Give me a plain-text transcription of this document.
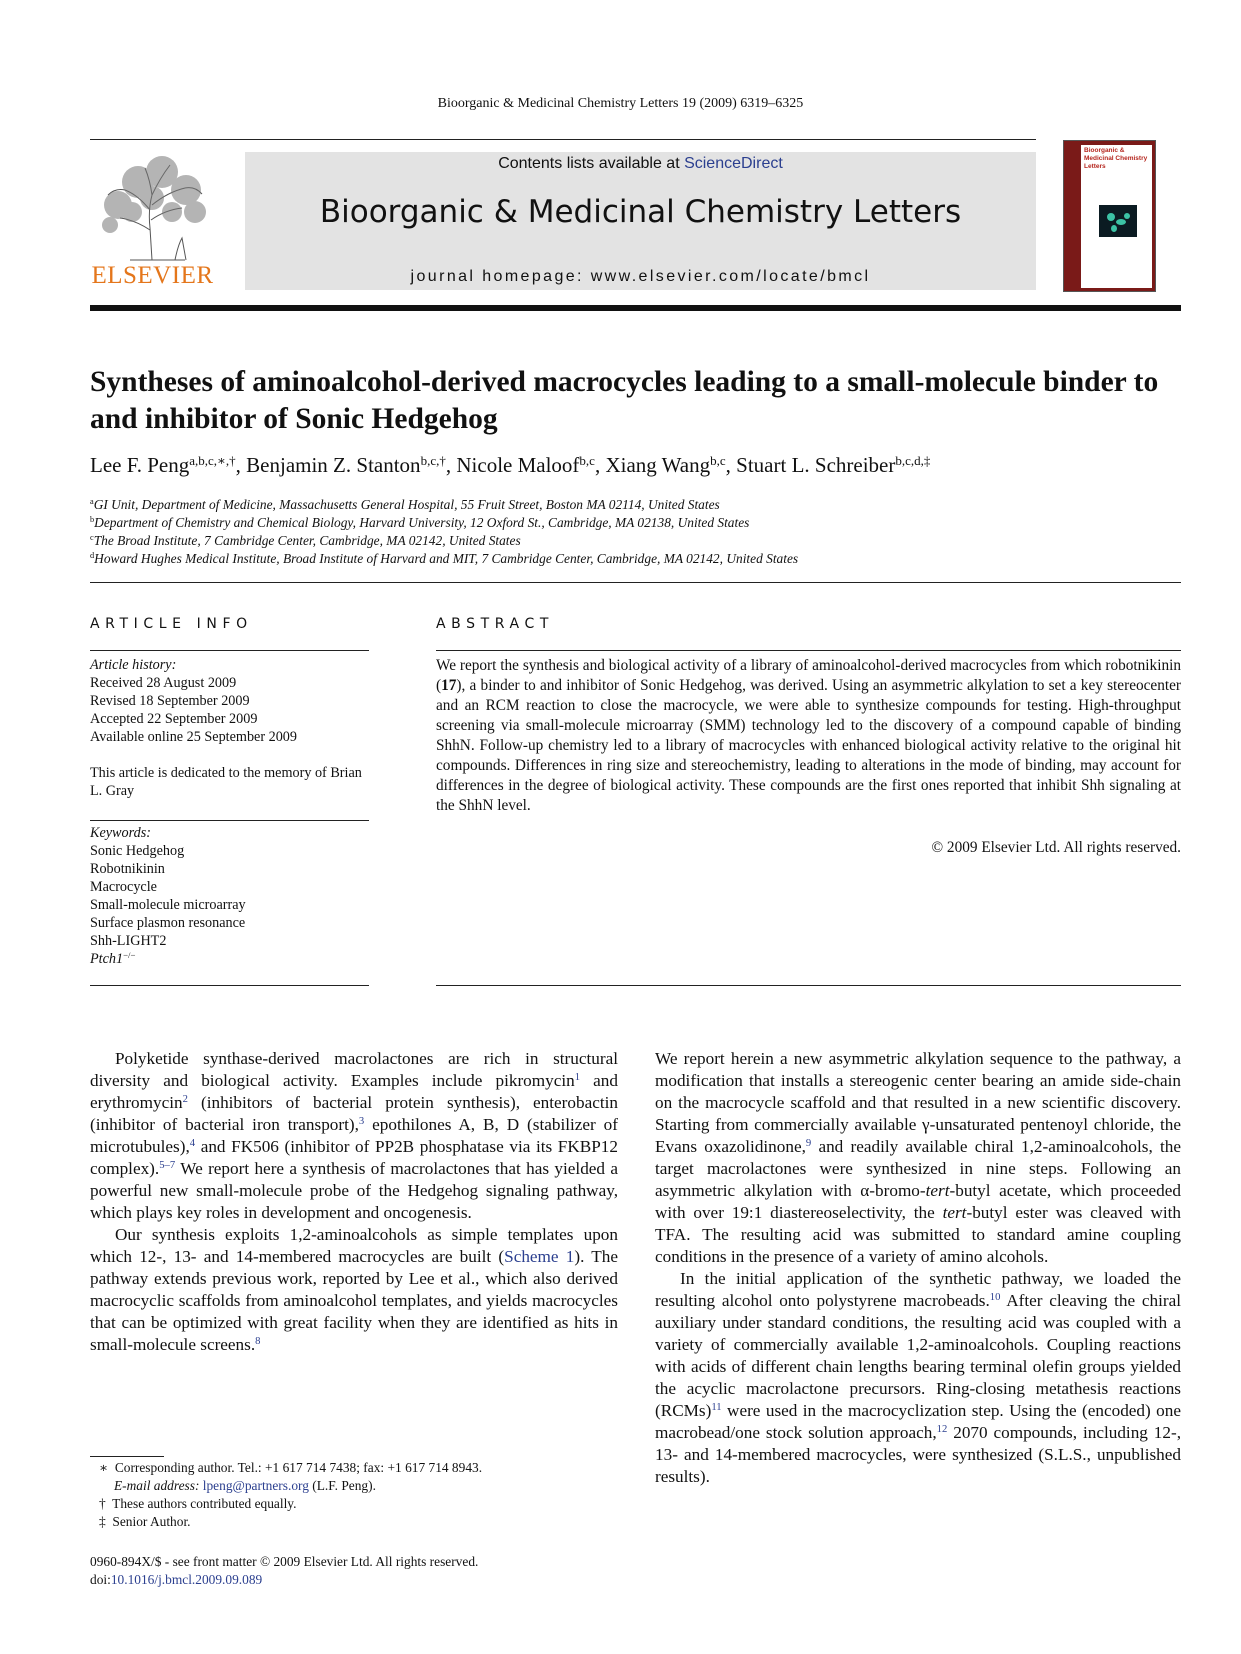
Bioorganic & Medicinal Chemistry Letters 19 (2009) 6319–6325
ELSEVIER
Contents lists available at ScienceDirect
Bioorganic & Medicinal Chemistry Letters
journal homepage: www.elsevier.com/locate/bmcl
Bioorganic & Medicinal Chemistry Letters
Syntheses of aminoalcohol-derived macrocycles leading to a small-molecule binder to and inhibitor of Sonic Hedgehog
Lee F. Peng$^{a,b,c,∗,\dagger}$, Benjamin Z. Stanton$^{b,c,\dagger}$, Nicole Maloof$^{b,c}$, Xiang Wang$^{b,c}$, Stuart L. Schreiber$^{b,c,d,\ddagger}$
$^a$GI Unit, Department of Medicine, Massachusetts General Hospital, 55 Fruit Street, Boston MA 02114, United States
$^b$Department of Chemistry and Chemical Biology, Harvard University, 12 Oxford St., Cambridge, MA 02138, United States
$^c$The Broad Institute, 7 Cambridge Center, Cambridge, MA 02142, United States
$^d$Howard Hughes Medical Institute, Broad Institute of Harvard and MIT, 7 Cambridge Center, Cambridge, MA 02142, United States
ARTICLE INFO
Article history:
Received 28 August 2009
Revised 18 September 2009
Accepted 22 September 2009
Available online 25 September 2009
This article is dedicated to the memory of Brian L. Gray
Keywords:
Sonic Hedgehog
Robotnikinin
Macrocycle
Small-molecule microarray
Surface plasmon resonance
Shh-LIGHT2
Ptch1−/−
ABSTRACT
We report the synthesis and biological activity of a library of aminoalcohol-derived macrocycles from which robotnikinin (17), a binder to and inhibitor of Sonic Hedgehog, was derived. Using an asymmetric alkylation to set a key stereocenter and an RCM reaction to close the macrocycle, we were able to synthesize compounds for testing. High-throughput screening via small-molecule microarray (SMM) technology led to the discovery of a compound capable of binding ShhN. Follow-up chemistry led to a library of macrocycles with enhanced biological activity relative to the original hit compounds. Differences in ring size and stereochemistry, leading to alterations in the mode of binding, may account for differences in the degree of biological activity. These compounds are the first ones reported that inhibit Shh signaling at the ShhN level.
© 2009 Elsevier Ltd. All rights reserved.

Polyketide synthase-derived macrolactones are rich in structural diversity and biological activity. Examples include pikromycin$^1$ and erythromycin$^2$ (inhibitors of bacterial protein synthesis), enterobactin (inhibitor of bacterial iron transport),$^3$ epothilones A, B, D (stabilizer of microtubules),$^4$ and FK506 (inhibitor of PP2B phosphatase via its FKBP12 complex).$^{5-7}$ We report here a synthesis of macrolactones that has yielded a powerful new small-molecule probe of the Hedgehog signaling pathway, which plays key roles in development and oncogenesis.

Our synthesis exploits 1,2-aminoalcohols as simple templates upon which 12-, 13- and 14-membered macrocycles are built (Scheme 1). The pathway extends previous work, reported by Lee et al., which also derived macrocyclic scaffolds from aminoalcohol templates, and yields macrocycles that can be optimized with great facility when they are identified as hits in small-molecule screens.$^8$

We report herein a new asymmetric alkylation sequence to the pathway, a modification that installs a stereogenic center bearing an amide side-chain on the macrocycle scaffold and that resulted in a new scientific discovery. Starting from commercially available γ-unsaturated pentenoyl chloride, the Evans oxazolidinone,$^9$ and readily available chiral 1,2-aminoalcohols, the target macrolactones were synthesized in nine steps. Following an asymmetric alkylation with α-bromo-tert-butyl acetate, which proceeded with over 19:1 diastereoselectivity, the tert-butyl ester was cleaved with TFA. The resulting acid was submitted to standard amine coupling conditions in the presence of a variety of amino alcohols.

In the initial application of the synthetic pathway, we loaded the resulting alcohol onto polystyrene macrobeads.$^{10}$ After cleaving the chiral auxiliary under standard conditions, the resulting acid was coupled with a variety of commercially available 1,2-aminoalcohols. Coupling reactions with acids of different chain lengths bearing terminal olefin groups yielded the acyclic macrolactone precursors. Ring-closing metathesis reactions (RCMs)$^{11}$ were used in the macrocyclization step. Using the (encoded) one macrobead/one stock solution approach,$^{12}$ 2070 compounds, including 12-, 13- and 14-membered macrocycles, were synthesized (S.L.S., unpublished results).

∗ Corresponding author. Tel.: +1 617 714 7438; fax: +1 617 714 8943.
E-mail address: lpeng@partners.org (L.F. Peng).
† These authors contributed equally.
‡ Senior Author.
0960-894X/$ - see front matter © 2009 Elsevier Ltd. All rights reserved.
doi:10.1016/j.bmcl.2009.09.089
